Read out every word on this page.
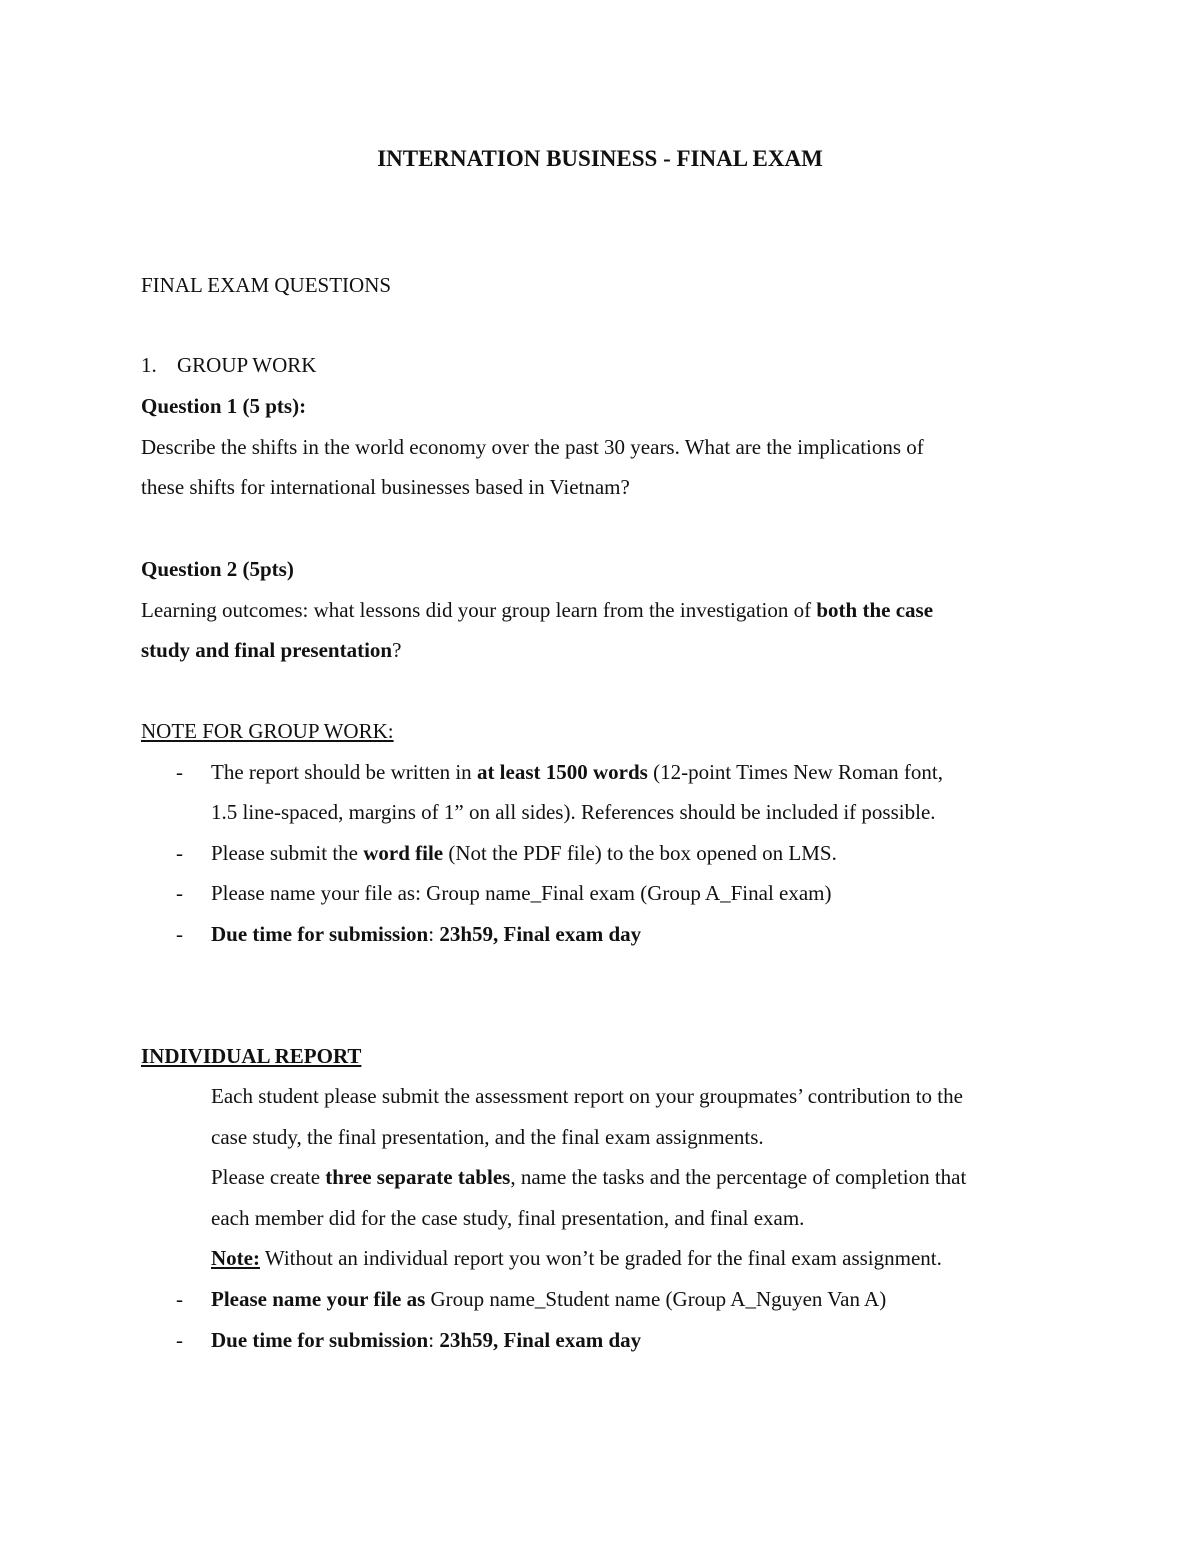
INTERNATION BUSINESS - FINAL EXAM

FINAL EXAM QUESTIONS

1. GROUP WORK

Question 1 (5 pts):

Describe the shifts in the world economy over the past 30 years. What are the implications of

these shifts for international businesses based in Vietnam?

Question 2 (5pts)

Learning outcomes: what lessons did your group learn from the investigation of both the case

study and final presentation?

NOTE FOR GROUP WORK:

- The report should be written in at least 1500 words (12-point Times New Roman font,

1.5 line-spaced, margins of 1” on all sides). References should be included if possible.

- Please submit the word file (Not the PDF file) to the box opened on LMS.

- Please name your file as: Group name_Final exam (Group A_Final exam)

- Due time for submission: 23h59, Final exam day

INDIVIDUAL REPORT

Each student please submit the assessment report on your groupmates’ contribution to the

case study, the final presentation, and the final exam assignments.

Please create three separate tables, name the tasks and the percentage of completion that

each member did for the case study, final presentation, and final exam.

Note: Without an individual report you won’t be graded for the final exam assignment.

- Please name your file as Group name_Student name (Group A_Nguyen Van A)

- Due time for submission: 23h59, Final exam day
